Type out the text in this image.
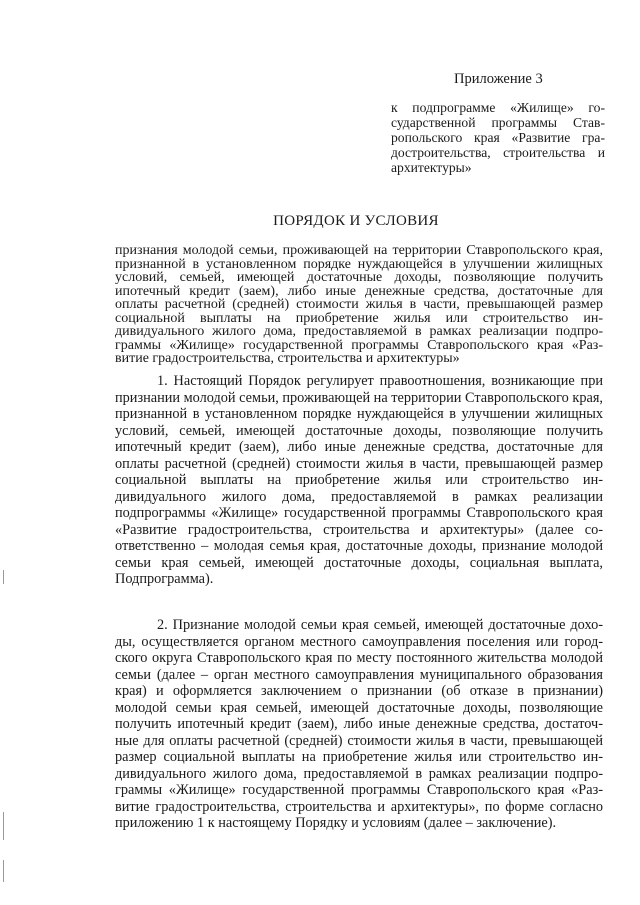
Приложение 3
к подпрограмме «Жилище» государственной программы Ставропольского края «Развитие градостроительства, строительства и архитектуры»
ПОРЯДОК И УСЛОВИЯ
признания молодой семьи, проживающей на территории Ставропольского края, признанной в установленном порядке нуждающейся в улучшении жилищных условий, семьей, имеющей достаточные доходы, позволяющие получить ипотечный кредит (заем), либо иные денежные средства, достаточные для оплаты расчетной (средней) стоимости жилья в части, превышающей размер социальной выплаты на приобретение жилья или строительство индивидуального жилого дома, предоставляемой в рамках реализации подпрограммы «Жилище» государственной программы Ставропольского края «Развитие градостроительства, строительства и архитектуры»
1. Настоящий Порядок регулирует правоотношения, возникающие при признании молодой семьи, проживающей на территории Ставропольского края, признанной в установленном порядке нуждающейся в улучшении жилищных условий, семьей, имеющей достаточные доходы, позволяющие получить ипотечный кредит (заем), либо иные денежные средства, достаточные для оплаты расчетной (средней) стоимости жилья в части, превышающей размер социальной выплаты на приобретение жилья или строительство индивидуального жилого дома, предоставляемой в рамках реализации подпрограммы «Жилище» государственной программы Ставропольского края «Развитие градостроительства, строительства и архитектуры» (далее соответственно – молодая семья края, достаточные доходы, признание молодой семьи края семьей, имеющей достаточные доходы, социальная выплата, Подпрограмма).
2. Признание молодой семьи края семьей, имеющей достаточные доходы, осуществляется органом местного самоуправления поселения или городского округа Ставропольского края по месту постоянного жительства молодой семьи (далее – орган местного самоуправления муниципального образования края) и оформляется заключением о признании (об отказе в признании) молодой семьи края семьей, имеющей достаточные доходы, позволяющие получить ипотечный кредит (заем), либо иные денежные средства, достаточные для оплаты расчетной (средней) стоимости жилья в части, превышающей размер социальной выплаты на приобретение жилья или строительство индивидуального жилого дома, предоставляемой в рамках реализации подпрограммы «Жилище» государственной программы Ставропольского края «Развитие градостроительства, строительства и архитектуры», по форме согласно приложению 1 к настоящему Порядку и условиям (далее – заключение).
